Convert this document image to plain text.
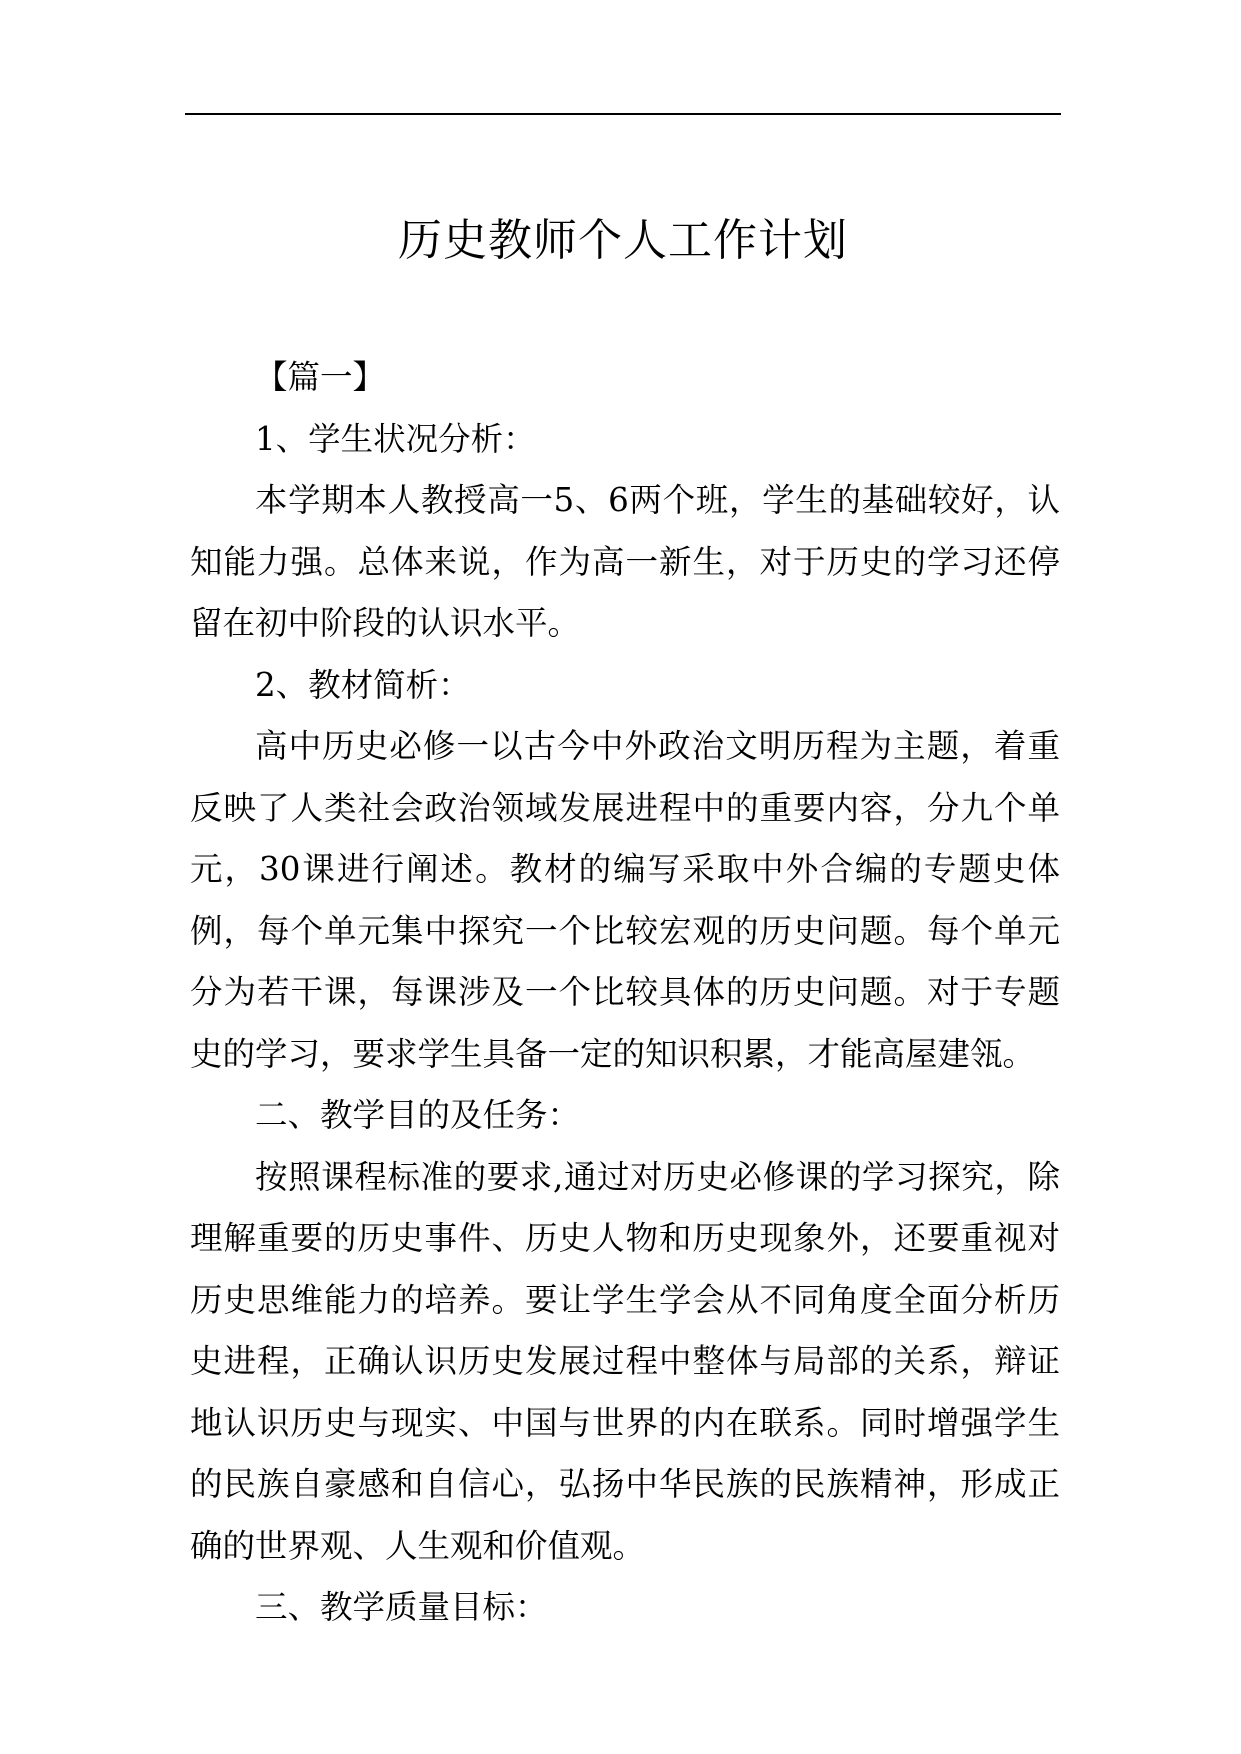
历史教师个人工作计划

【篇一】

1、学生状况分析：

本学期本人教授高一5、6两个班，学生的基础较好，认知能力强。总体来说，作为高一新生，对于历史的学习还停留在初中阶段的认识水平。

2、教材简析：

高中历史必修一以古今中外政治文明历程为主题，着重反映了人类社会政治领域发展进程中的重要内容，分九个单元，30课进行阐述。教材的编写采取中外合编的专题史体例，每个单元集中探究一个比较宏观的历史问题。每个单元分为若干课，每课涉及一个比较具体的历史问题。对于专题史的学习，要求学生具备一定的知识积累，才能高屋建瓴。

二、教学目的及任务：

按照课程标准的要求,通过对历史必修课的学习探究，除理解重要的历史事件、历史人物和历史现象外，还要重视对历史思维能力的培养。要让学生学会从不同角度全面分析历史进程，正确认识历史发展过程中整体与局部的关系，辩证地认识历史与现实、中国与世界的内在联系。同时增强学生的民族自豪感和自信心，弘扬中华民族的民族精神，形成正确的世界观、人生观和价值观。

三、教学质量目标：
